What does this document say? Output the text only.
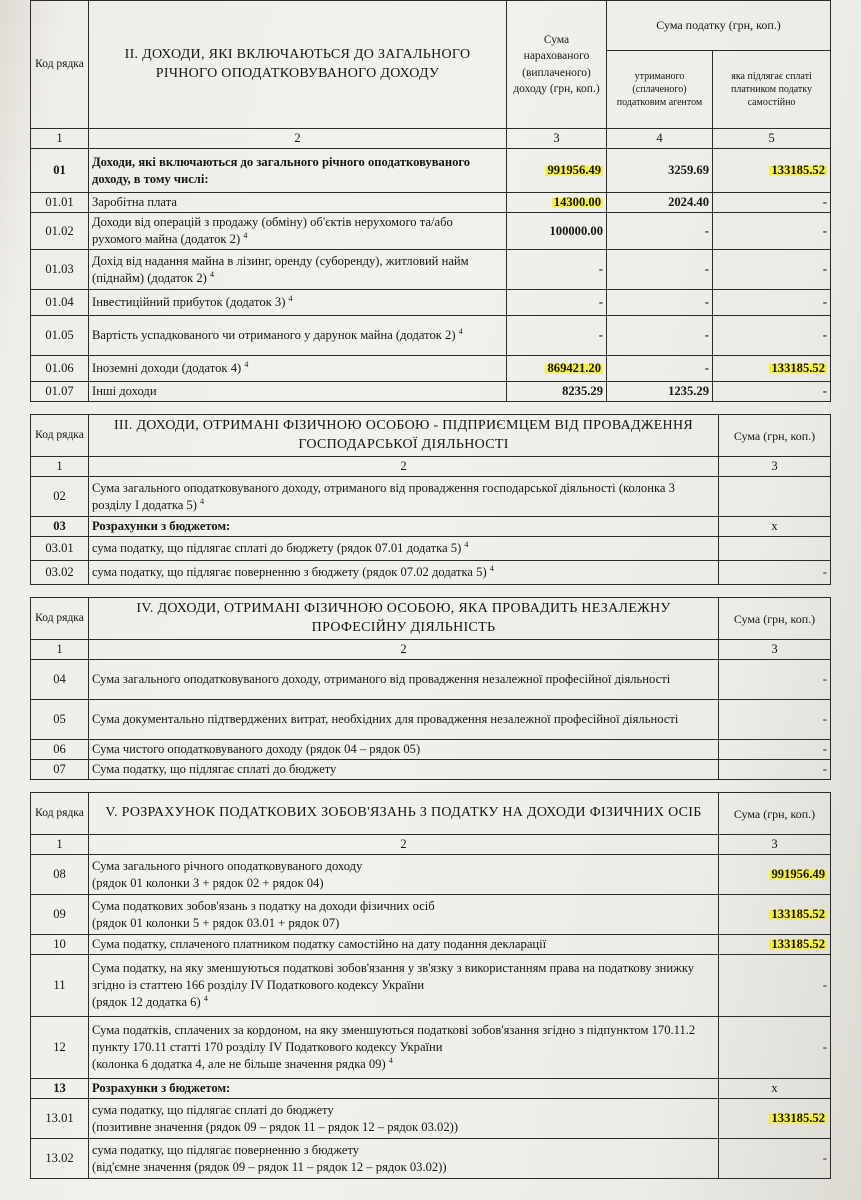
Код рядка	II. ДОХОДИ, ЯКІ ВКЛЮЧАЮТЬСЯ ДО ЗАГАЛЬНОГО РІЧНОГО ОПОДАТКОВУВАНОГО ДОХОДУ	Сума нарахованого (виплаченого) доходу (грн, коп.)	Сума податку (грн, коп.)	
			утриманого (сплаченого) податковим агентом	яка підлягає сплаті платником податку самостійно
1	2	3	4	5
01	Доходи, які включаються до загального річного оподатковуваного доходу, в тому числі:	991956.49	3259.69	133185.52
01.01	Заробітна плата	14300.00	2024.40	-
01.02	Доходи від операцій з продажу (обміну) об'єктів нерухомого та/або рухомого майна (додаток 2) $^4$	100000.00	-	-
01.03	Дохід від надання майна в лізинг, оренду (суборенду), житловий найм (піднайм) (додаток 2) $^4$	-	-	-
01.04	Інвестиційний прибуток (додаток 3) $^4$	-	-	-
01.05	Вартість успадкованого чи отриманого у дарунок майна (додаток 2) $^4$	-	-	-
01.06	Іноземні доходи (додаток 4) $^4$	869421.20	-	133185.52
01.07	Інші доходи	8235.29	1235.29	-
Код рядка	III. ДОХОДИ, ОТРИМАНІ ФІЗИЧНОЮ ОСОБОЮ - ПІДПРИЄМЦЕМ ВІД ПРОВАДЖЕННЯ ГОСПОДАРСЬКОЇ ДІЯЛЬНОСТІ	Сума (грн, коп.)
1	2	3
02	Сума загального оподатковуваного доходу, отриманого від провадження господарської діяльності (колонка 3 розділу I додатка 5) $^4$	
03	Розрахунки з бюджетом:	х
03.01	сума податку, що підлягає сплаті до бюджету (рядок 07.01 додатка 5) $^4$	
03.02	сума податку, що підлягає поверненню з бюджету (рядок 07.02 додатка 5) $^4$	-
Код рядка	IV. ДОХОДИ, ОТРИМАНІ ФІЗИЧНОЮ ОСОБОЮ, ЯКА ПРОВАДИТЬ НЕЗАЛЕЖНУ ПРОФЕСІЙНУ ДІЯЛЬНІСТЬ	Сума (грн, коп.)
1	2	3
04	Сума загального оподатковуваного доходу, отриманого від провадження незалежної професійної діяльності	-
05	Сума документально підтверджених витрат, необхідних для провадження незалежної професійної діяльності	-
06	Сума чистого оподатковуваного доходу (рядок 04 – рядок 05)	-
07	Сума податку, що підлягає сплаті до бюджету	-
Код рядка	V. РОЗРАХУНОК ПОДАТКОВИХ ЗОБОВ'ЯЗАНЬ З ПОДАТКУ НА ДОХОДИ ФІЗИЧНИХ ОСІБ	Сума (грн, коп.)
1	2	3
08	Сума загального річного оподатковуваного доходу
(рядок 01 колонки 3 + рядок 02 + рядок 04)	991956.49
09	Сума податкових зобов'язань з податку на доходи фізичних осіб
(рядок 01 колонки 5 + рядок 03.01 + рядок 07)	133185.52
10	Сума податку, сплаченого платником податку самостійно на дату подання декларації	133185.52
11	Сума податку, на яку зменшуються податкові зобов'язання у зв'язку з використанням права на податкову знижку згідно із статтею 166 розділу IV Податкового кодексу України
(рядок 12 додатка 6) $^4$	-
12	Сума податків, сплачених за кордоном, на яку зменшуються податкові зобов'язання згідно з підпунктом 170.11.2 пункту 170.11 статті 170 розділу IV Податкового кодексу України
(колонка 6 додатка 4, але не більше значення рядка 09) $^4$	-
13	Розрахунки з бюджетом:	х
13.01	сума податку, що підлягає сплаті до бюджету
(позитивне значення (рядок 09 – рядок 11 – рядок 12 – рядок 03.02))	133185.52
13.02	сума податку, що підлягає поверненню з бюджету
(від'ємне значення (рядок 09 – рядок 11 – рядок 12 – рядок 03.02))	-
